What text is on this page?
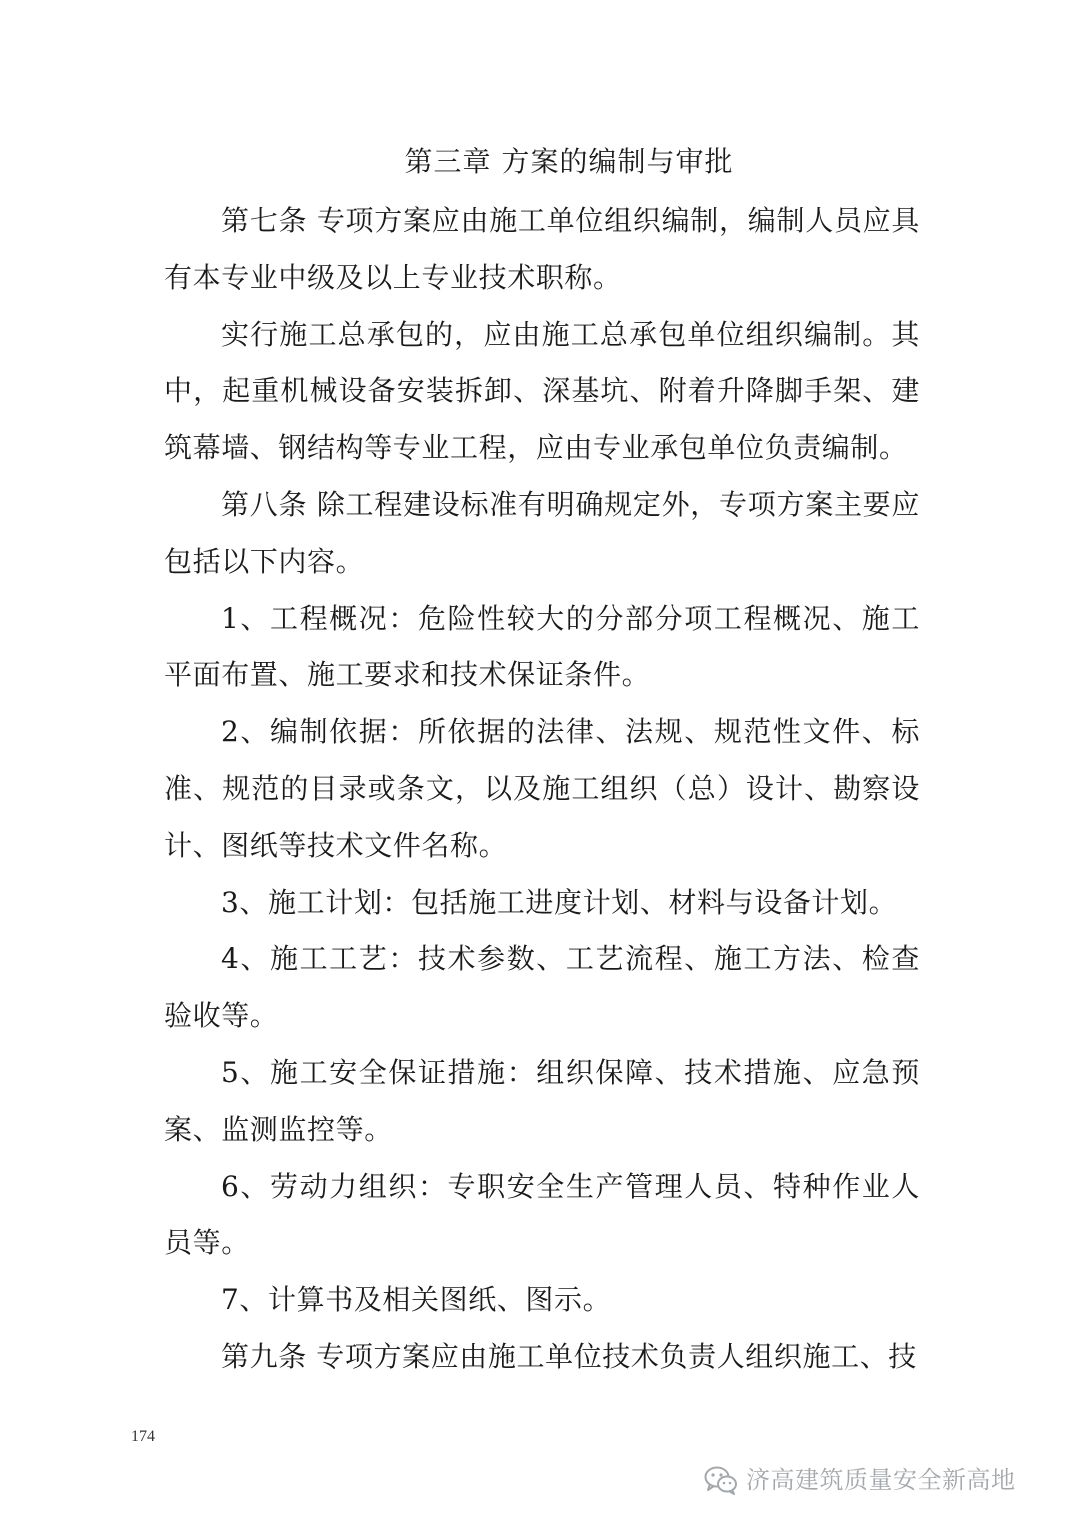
第三章 方案的编制与审批

第七条 专项方案应由施工单位组织编制，编制人员应具有本专业中级及以上专业技术职称。

实行施工总承包的，应由施工总承包单位组织编制。其中，起重机械设备安装拆卸、深基坑、附着升降脚手架、建筑幕墙、钢结构等专业工程，应由专业承包单位负责编制。

第八条 除工程建设标准有明确规定外，专项方案主要应包括以下内容。

1、工程概况：危险性较大的分部分项工程概况、施工平面布置、施工要求和技术保证条件。

2、编制依据：所依据的法律、法规、规范性文件、标准、规范的目录或条文，以及施工组织（总）设计、勘察设计、图纸等技术文件名称。

3、施工计划：包括施工进度计划、材料与设备计划。

4、施工工艺：技术参数、工艺流程、施工方法、检查验收等。

5、施工安全保证措施：组织保障、技术措施、应急预案、监测监控等。

6、劳动力组织：专职安全生产管理人员、特种作业人员等。

7、计算书及相关图纸、图示。

第九条 专项方案应由施工单位技术负责人组织施工、技

174
济高建筑质量安全新高地
